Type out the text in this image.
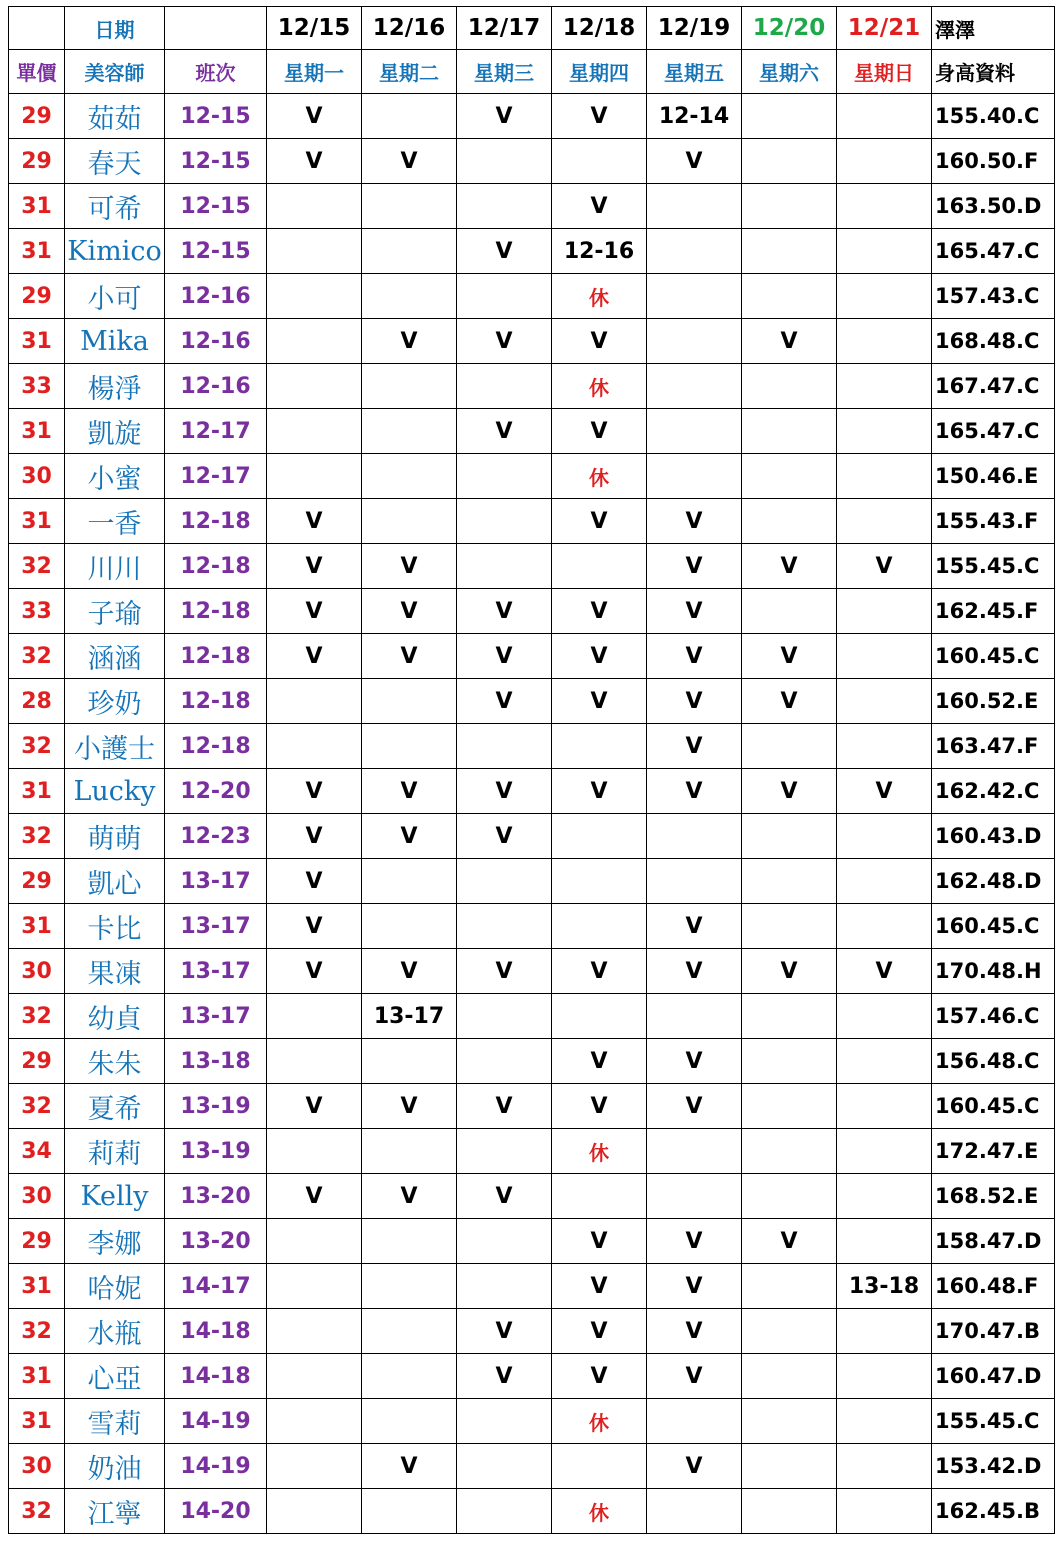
	日期		12/15	12/16	12/17	12/18	12/19	12/20	12/21	澤澤
單價	美容師	班次	星期一	星期二	星期三	星期四	星期五	星期六	星期日	身高資料
29	茹茹	12-15	V		V	V	12-14			155.40.C
29	春天	12-15	V	V			V			160.50.F
31	可希	12-15				V				163.50.D
31	Kimico	12-15			V	12-16				165.47.C
29	小可	12-16				休				157.43.C
31	Mika	12-16		V	V	V		V		168.48.C
33	楊淨	12-16				休				167.47.C
31	凱旋	12-17			V	V				165.47.C
30	小蜜	12-17				休				150.46.E
31	一香	12-18	V			V	V			155.43.F
32	川川	12-18	V	V			V	V	V	155.45.C
33	子瑜	12-18	V	V	V	V	V			162.45.F
32	涵涵	12-18	V	V	V	V	V	V		160.45.C
28	珍奶	12-18			V	V	V	V		160.52.E
32	小護士	12-18					V			163.47.F
31	Lucky	12-20	V	V	V	V	V	V	V	162.42.C
32	萌萌	12-23	V	V	V					160.43.D
29	凱心	13-17	V							162.48.D
31	卡比	13-17	V				V			160.45.C
30	果凍	13-17	V	V	V	V	V	V	V	170.48.H
32	幼貞	13-17		13-17						157.46.C
29	朱朱	13-18				V	V			156.48.C
32	夏希	13-19	V	V	V	V	V			160.45.C
34	莉莉	13-19				休				172.47.E
30	Kelly	13-20	V	V	V					168.52.E
29	李娜	13-20				V	V	V		158.47.D
31	哈妮	14-17				V	V		13-18	160.48.F
32	水瓶	14-18			V	V	V			170.47.B
31	心亞	14-18			V	V	V			160.47.D
31	雪莉	14-19				休				155.45.C
30	奶油	14-19		V			V			153.42.D
32	江寧	14-20				休				162.45.B
